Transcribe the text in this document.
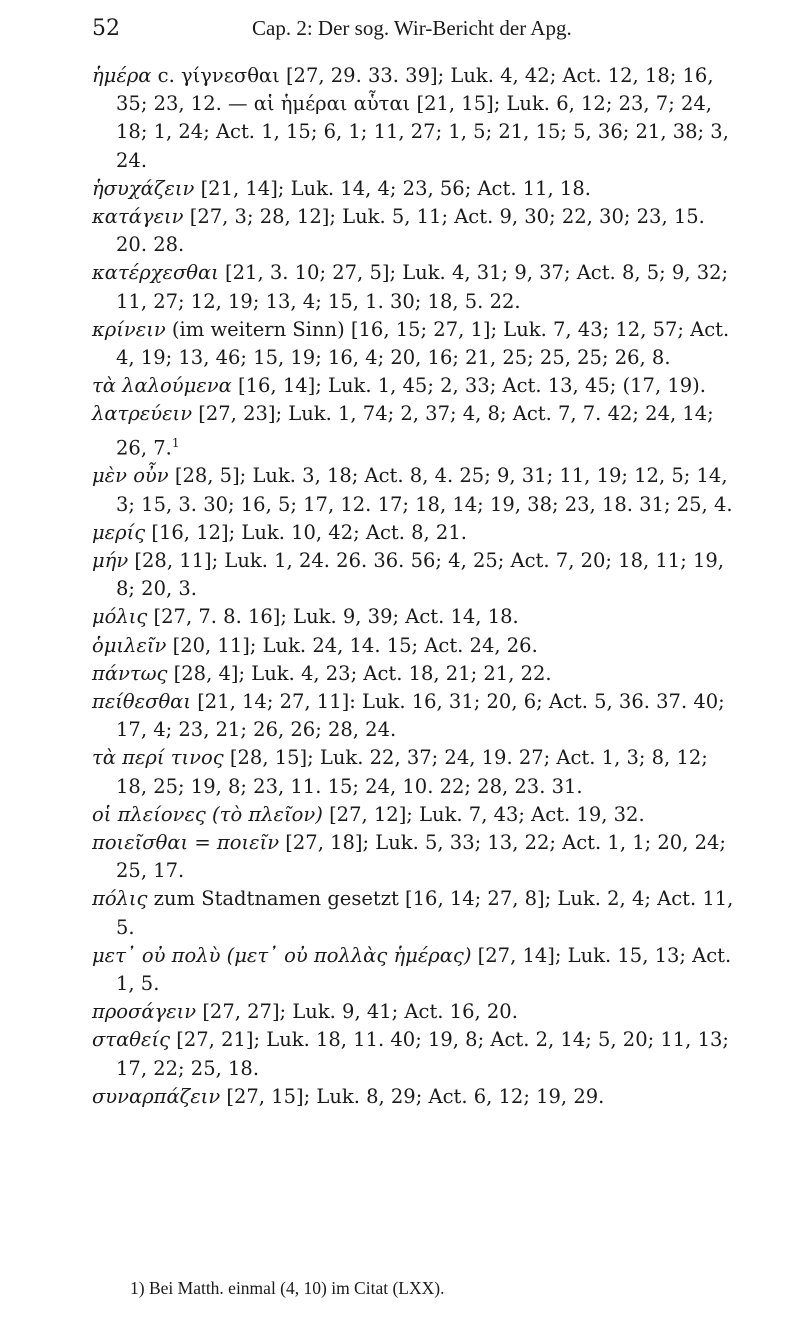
52	Cap. 2: Der sog. Wir-Bericht der Apg.
ἡμέρα c. γίγνεσθαι [27, 29. 33. 39]; Luk. 4, 42; Act. 12, 18; 16, 35; 23, 12. — αἱ ἡμέραι αὗται [21, 15]; Luk. 6, 12; 23, 7; 24, 18; 1, 24; Act. 1, 15; 6, 1; 11, 27; 1, 5; 21, 15; 5, 36; 21, 38; 3, 24.
ἡσυχάζειν [21, 14]; Luk. 14, 4; 23, 56; Act. 11, 18.
κατάγειν [27, 3; 28, 12]; Luk. 5, 11; Act. 9, 30; 22, 30; 23, 15. 20. 28.
κατέρχεσθαι [21, 3. 10; 27, 5]; Luk. 4, 31; 9, 37; Act. 8, 5; 9, 32; 11, 27; 12, 19; 13, 4; 15, 1. 30; 18, 5. 22.
κρίνειν (im weitern Sinn) [16, 15; 27, 1]; Luk. 7, 43; 12, 57; Act. 4, 19; 13, 46; 15, 19; 16, 4; 20, 16; 21, 25; 25, 25; 26, 8.
τὰ λαλούμενα [16, 14]; Luk. 1, 45; 2, 33; Act. 13, 45; (17, 19).
λατρεύειν [27, 23]; Luk. 1, 74; 2, 37; 4, 8; Act. 7, 7. 42; 24, 14; 26, 7.$^1$
μὲν οὖν [28, 5]; Luk. 3, 18; Act. 8, 4. 25; 9, 31; 11, 19; 12, 5; 14, 3; 15, 3. 30; 16, 5; 17, 12. 17; 18, 14; 19, 38; 23, 18. 31; 25, 4.
μερίς [16, 12]; Luk. 10, 42; Act. 8, 21.
μήν [28, 11]; Luk. 1, 24. 26. 36. 56; 4, 25; Act. 7, 20; 18, 11; 19, 8; 20, 3.
μόλις [27, 7. 8. 16]; Luk. 9, 39; Act. 14, 18.
ὁμιλεῖν [20, 11]; Luk. 24, 14. 15; Act. 24, 26.
πάντως [28, 4]; Luk. 4, 23; Act. 18, 21; 21, 22.
πείθεσθαι [21, 14; 27, 11]: Luk. 16, 31; 20, 6; Act. 5, 36. 37. 40; 17, 4; 23, 21; 26, 26; 28, 24.
τὰ περί τινος [28, 15]; Luk. 22, 37; 24, 19. 27; Act. 1, 3; 8, 12; 18, 25; 19, 8; 23, 11. 15; 24, 10. 22; 28, 23. 31.
οἱ πλείονες (τὸ πλεῖον) [27, 12]; Luk. 7, 43; Act. 19, 32.
ποιεῖσθαι = ποιεῖν [27, 18]; Luk. 5, 33; 13, 22; Act. 1, 1; 20, 24; 25, 17.
πόλις zum Stadtnamen gesetzt [16, 14; 27, 8]; Luk. 2, 4; Act. 11, 5.
μετ᾽ οὐ πολὺ (μετ᾽ οὐ πολλὰς ἡμέρας) [27, 14]; Luk. 15, 13; Act. 1, 5.
προσάγειν [27, 27]; Luk. 9, 41; Act. 16, 20.
σταθείς [27, 21]; Luk. 18, 11. 40; 19, 8; Act. 2, 14; 5, 20; 11, 13; 17, 22; 25, 18.
συναρπάζειν [27, 15]; Luk. 8, 29; Act. 6, 12; 19, 29.
1) Bei Matth. einmal (4, 10) im Citat (LXX).
